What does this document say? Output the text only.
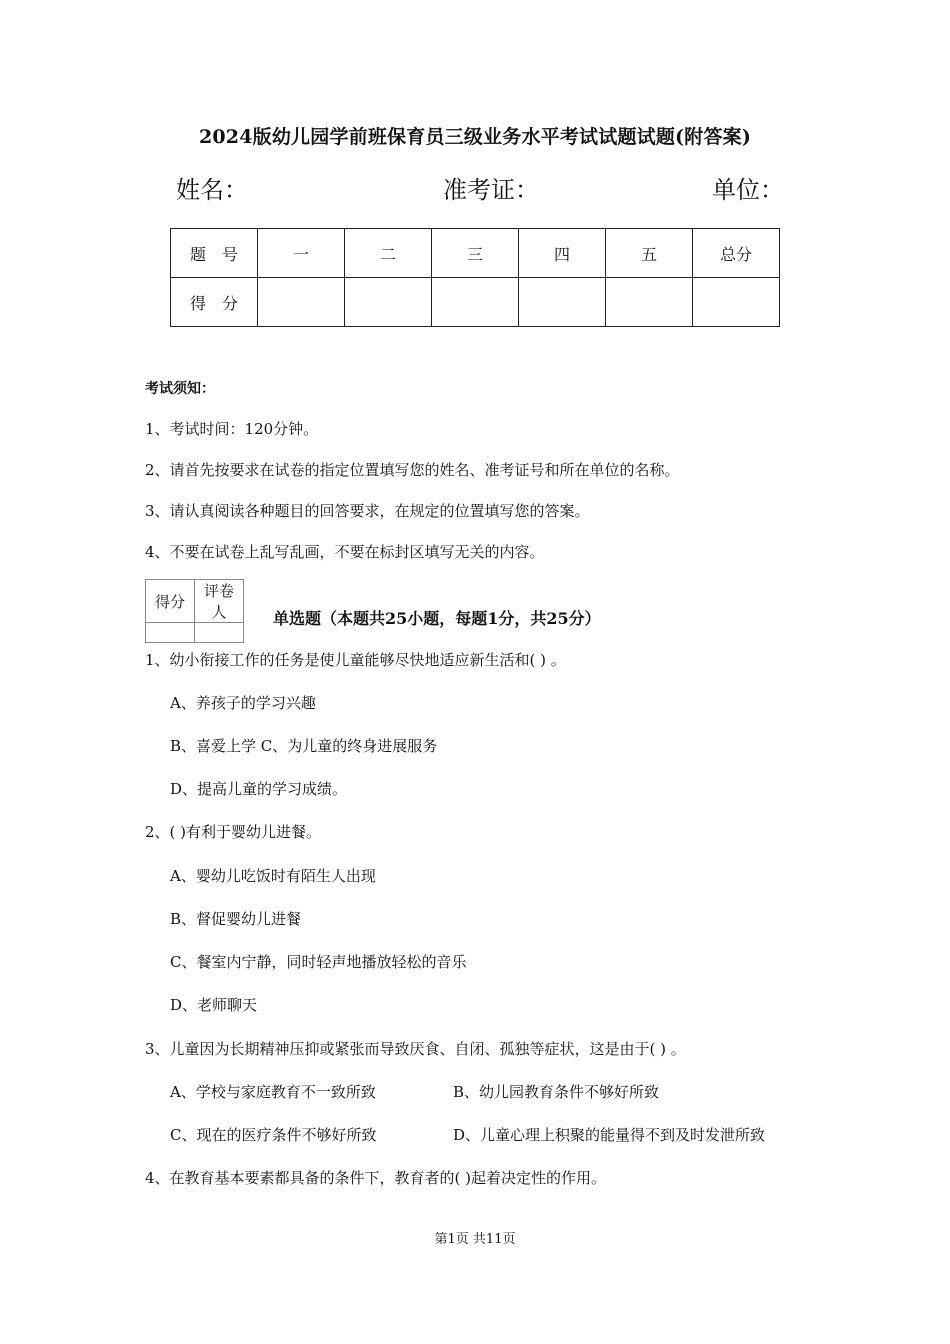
2024版幼儿园学前班保育员三级业务水平考试试题试题(附答案)
姓名：	准考证：	单位：
题　号	一	二	三	四	五	总分
得　分						
考试须知：
1、考试时间：120分钟。
2、请首先按要求在试卷的指定位置填写您的姓名、准考证号和所在单位的名称。
3、请认真阅读各种题目的回答要求，在规定的位置填写您的答案。
4、不要在试卷上乱写乱画，不要在标封区填写无关的内容。
得分	评卷人
		单选题（本题共25小题，每题1分，共25分）
1、幼小衔接工作的任务是使儿童能够尽快地适应新生活和( ) 。
A、养孩子的学习兴趣
B、喜爱上学 C、为儿童的终身进展服务
D、提高儿童的学习成绩。
2、( )有利于婴幼儿进餐。
A、婴幼儿吃饭时有陌生人出现
B、督促婴幼儿进餐
C、餐室内宁静，同时轻声地播放轻松的音乐
D、老师聊天
3、儿童因为长期精神压抑或紧张而导致厌食、自闭、孤独等症状，这是由于( ) 。
A、学校与家庭教育不一致所致	B、幼儿园教育条件不够好所致
C、现在的医疗条件不够好所致	D、儿童心理上积聚的能量得不到及时发泄所致
4、在教育基本要素都具备的条件下，教育者的( )起着决定性的作用。
第1页 共11页
